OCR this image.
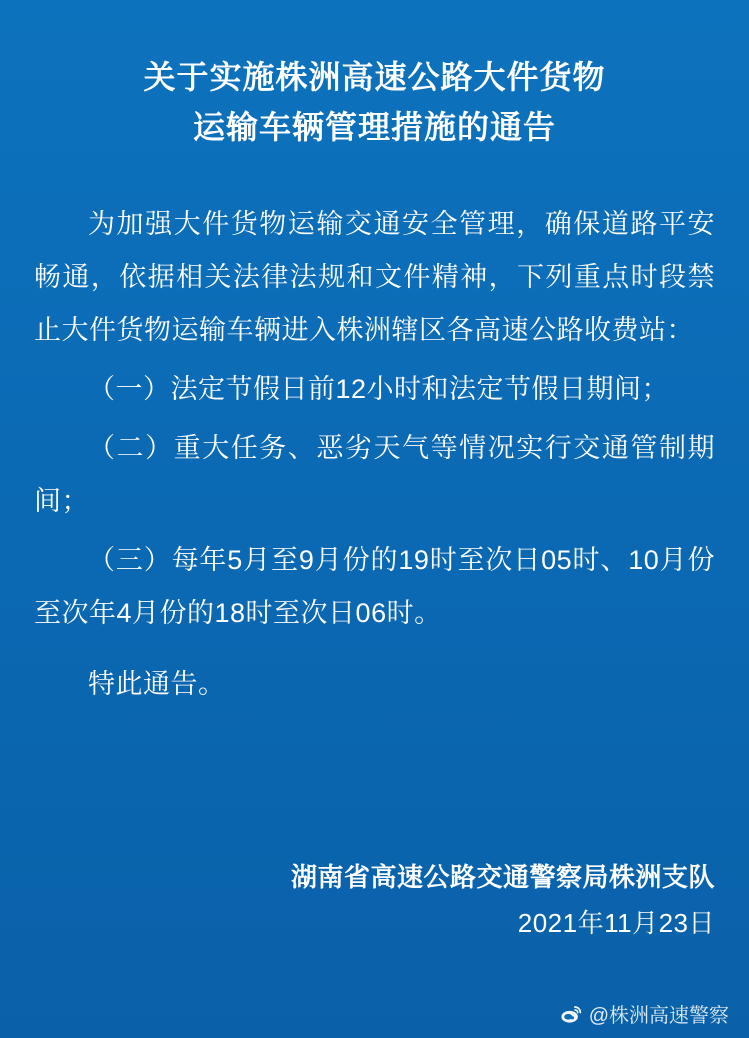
关于实施株洲高速公路大件货物
运输车辆管理措施的通告

为加强大件货物运输交通安全管理，确保道路平安畅通，依据相关法律法规和文件精神，下列重点时段禁止大件货物运输车辆进入株洲辖区各高速公路收费站：

（一）法定节假日前12小时和法定节假日期间；

（二）重大任务、恶劣天气等情况实行交通管制期间；

（三）每年5月至9月份的19时至次日05时、10月份至次年4月份的18时至次日06时。

特此通告。

湖南省高速公路交通警察局株洲支队
2021年11月23日
@株洲高速警察
